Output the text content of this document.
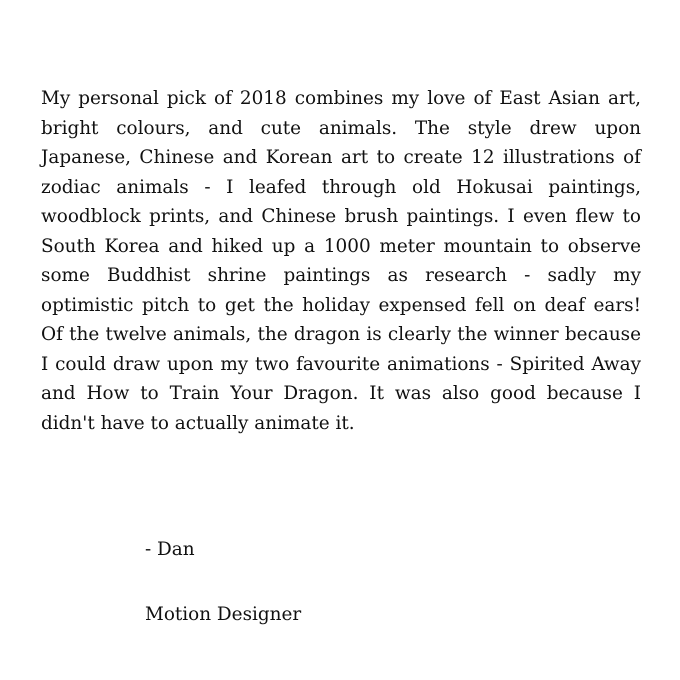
My personal pick of 2018 combines my love of East Asian art, bright colours, and cute animals. The style drew upon Japanese, Chinese and Korean art to create 12 illustrations of zodiac animals - I leafed through old Hokusai paintings, woodblock prints, and Chinese brush paintings. I even flew to South Korea and hiked up a 1000 meter mountain to observe some Buddhist shrine paintings as research - sadly my optimistic pitch to get the holiday expensed fell on deaf ears! Of the twelve animals, the dragon is clearly the winner because I could draw upon my two favourite animations - Spirited Away and How to Train Your Dragon. It was also good because I didn't have to actually animate it.

- Dan

Motion Designer
